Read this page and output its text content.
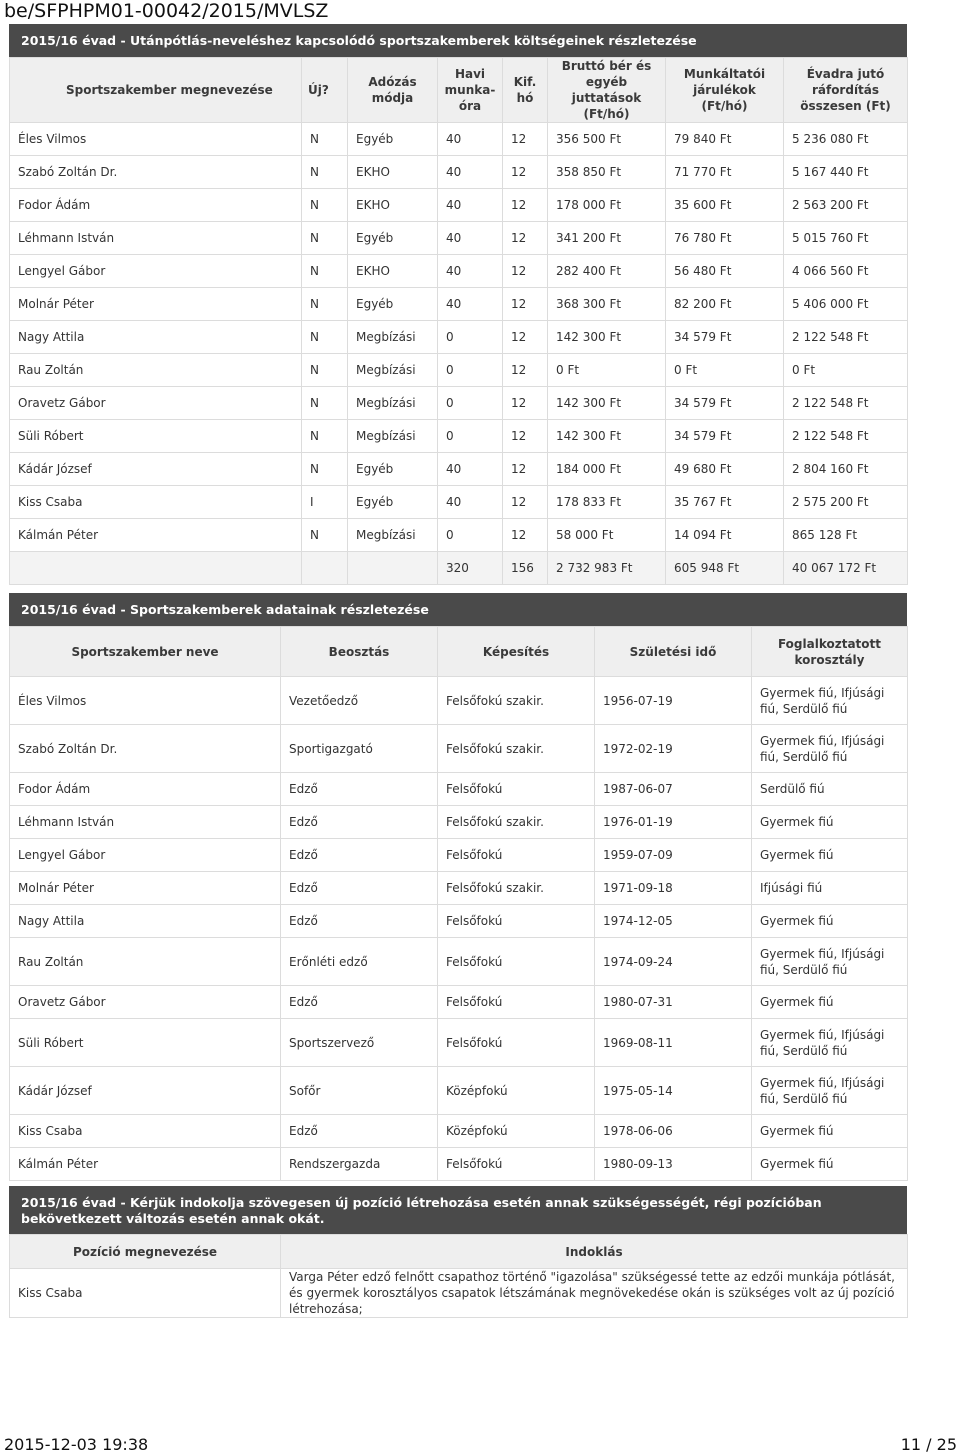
be/SFPHPM01-00042/2015/MVLSZ
2015/16 évad - Utánpótlás-neveléshez kapcsolódó sportszakemberek költségeinek részletezése
Sportszakember megnevezése	Új?	Adózás módja	Havi munka-óra	Kif. hó	Bruttó bér és egyéb juttatások (Ft/hó)	Munkáltatói járulékok (Ft/hó)	Évadra jutó ráfordítás összesen (Ft)
Éles Vilmos	N	Egyéb	40	12	356 500 Ft	79 840 Ft	5 236 080 Ft
Szabó Zoltán Dr.	N	EKHO	40	12	358 850 Ft	71 770 Ft	5 167 440 Ft
Fodor Ádám	N	EKHO	40	12	178 000 Ft	35 600 Ft	2 563 200 Ft
Léhmann István	N	Egyéb	40	12	341 200 Ft	76 780 Ft	5 015 760 Ft
Lengyel Gábor	N	EKHO	40	12	282 400 Ft	56 480 Ft	4 066 560 Ft
Molnár Péter	N	Egyéb	40	12	368 300 Ft	82 200 Ft	5 406 000 Ft
Nagy Attila	N	Megbízási	0	12	142 300 Ft	34 579 Ft	2 122 548 Ft
Rau Zoltán	N	Megbízási	0	12	0 Ft	0 Ft	0 Ft
Oravetz Gábor	N	Megbízási	0	12	142 300 Ft	34 579 Ft	2 122 548 Ft
Süli Róbert	N	Megbízási	0	12	142 300 Ft	34 579 Ft	2 122 548 Ft
Kádár József	N	Egyéb	40	12	184 000 Ft	49 680 Ft	2 804 160 Ft
Kiss Csaba	I	Egyéb	40	12	178 833 Ft	35 767 Ft	2 575 200 Ft
Kálmán Péter	N	Megbízási	0	12	58 000 Ft	14 094 Ft	865 128 Ft
			320	156	2 732 983 Ft	605 948 Ft	40 067 172 Ft
2015/16 évad - Sportszakemberek adatainak részletezése
Sportszakember neve	Beosztás	Képesítés	Születési idő	Foglalkoztatott korosztály
Éles Vilmos	Vezetőedző	Felsőfokú szakir.	1956-07-19	Gyermek fiú, Ifjúsági fiú, Serdülő fiú
Szabó Zoltán Dr.	Sportigazgató	Felsőfokú szakir.	1972-02-19	Gyermek fiú, Ifjúsági fiú, Serdülő fiú
Fodor Ádám	Edző	Felsőfokú	1987-06-07	Serdülő fiú
Léhmann István	Edző	Felsőfokú szakir.	1976-01-19	Gyermek fiú
Lengyel Gábor	Edző	Felsőfokú	1959-07-09	Gyermek fiú
Molnár Péter	Edző	Felsőfokú szakir.	1971-09-18	Ifjúsági fiú
Nagy Attila	Edző	Felsőfokú	1974-12-05	Gyermek fiú
Rau Zoltán	Erőnléti edző	Felsőfokú	1974-09-24	Gyermek fiú, Ifjúsági fiú, Serdülő fiú
Oravetz Gábor	Edző	Felsőfokú	1980-07-31	Gyermek fiú
Süli Róbert	Sportszervező	Felsőfokú	1969-08-11	Gyermek fiú, Ifjúsági fiú, Serdülő fiú
Kádár József	Sofőr	Középfokú	1975-05-14	Gyermek fiú, Ifjúsági fiú, Serdülő fiú
Kiss Csaba	Edző	Középfokú	1978-06-06	Gyermek fiú
Kálmán Péter	Rendszergazda	Felsőfokú	1980-09-13	Gyermek fiú
2015/16 évad - Kérjük indokolja szövegesen új pozíció létrehozása esetén annak szükségességét, régi pozícióban bekövetkezett változás esetén annak okát.
Pozíció megnevezése	Indoklás
Kiss Csaba	Varga Péter edző felnőtt csapathoz történő "igazolása" szükségessé tette az edzői munkája pótlását, és gyermek korosztályos csapatok létszámának megnövekedése okán is szükséges volt az új pozíció létrehozása;
2015-12-03 19:38	11 / 25
